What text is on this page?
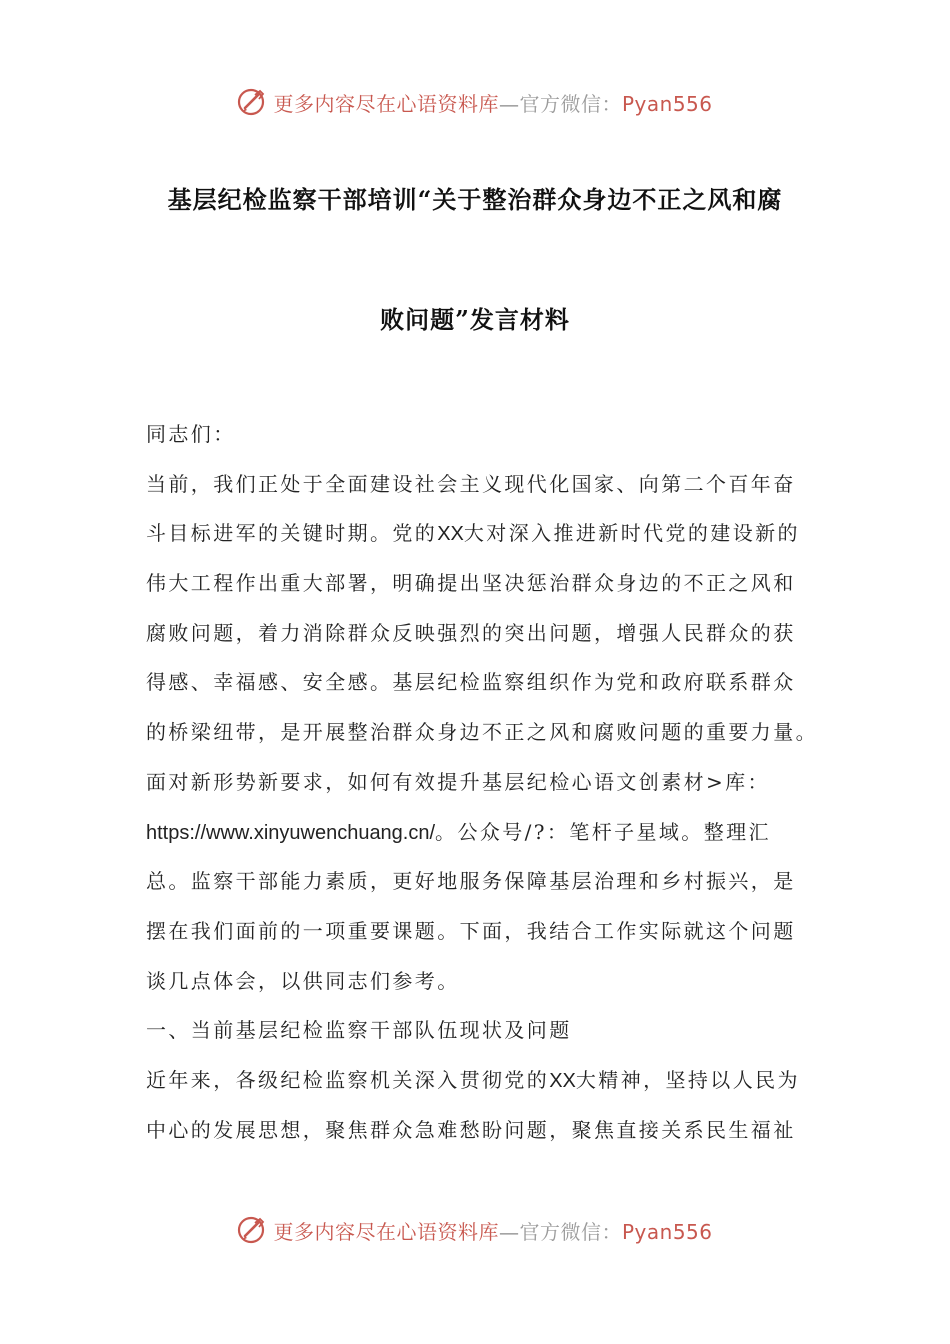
更多内容尽在心语资料库—官方微信：Pyan556
基层纪检监察干部培训“关于整治群众身边不正之风和腐
败问题”发言材料
同志们：
当前，我们正处于全面建设社会主义现代化国家、向第二个百年奋
斗目标进军的关键时期。党的XX大对深入推进新时代党的建设新的
伟大工程作出重大部署，明确提出坚决惩治群众身边的不正之风和
腐败问题，着力消除群众反映强烈的突出问题，增强人民群众的获
得感、幸福感、安全感。基层纪检监察组织作为党和政府联系群众
的桥梁纽带，是开展整治群众身边不正之风和腐败问题的重要力量。
面对新形势新要求，如何有效提升基层纪检心语文创素材>库：
https://www.xinyuwenchuang.cn/。公众号/?：笔杆子星域。整理汇
总。监察干部能力素质，更好地服务保障基层治理和乡村振兴，是
摆在我们面前的一项重要课题。下面，我结合工作实际就这个问题
谈几点体会，以供同志们参考。
一、当前基层纪检监察干部队伍现状及问题
近年来，各级纪检监察机关深入贯彻党的XX大精神，坚持以人民为
中心的发展思想，聚焦群众急难愁盼问题，聚焦直接关系民生福祉
更多内容尽在心语资料库—官方微信：Pyan556
